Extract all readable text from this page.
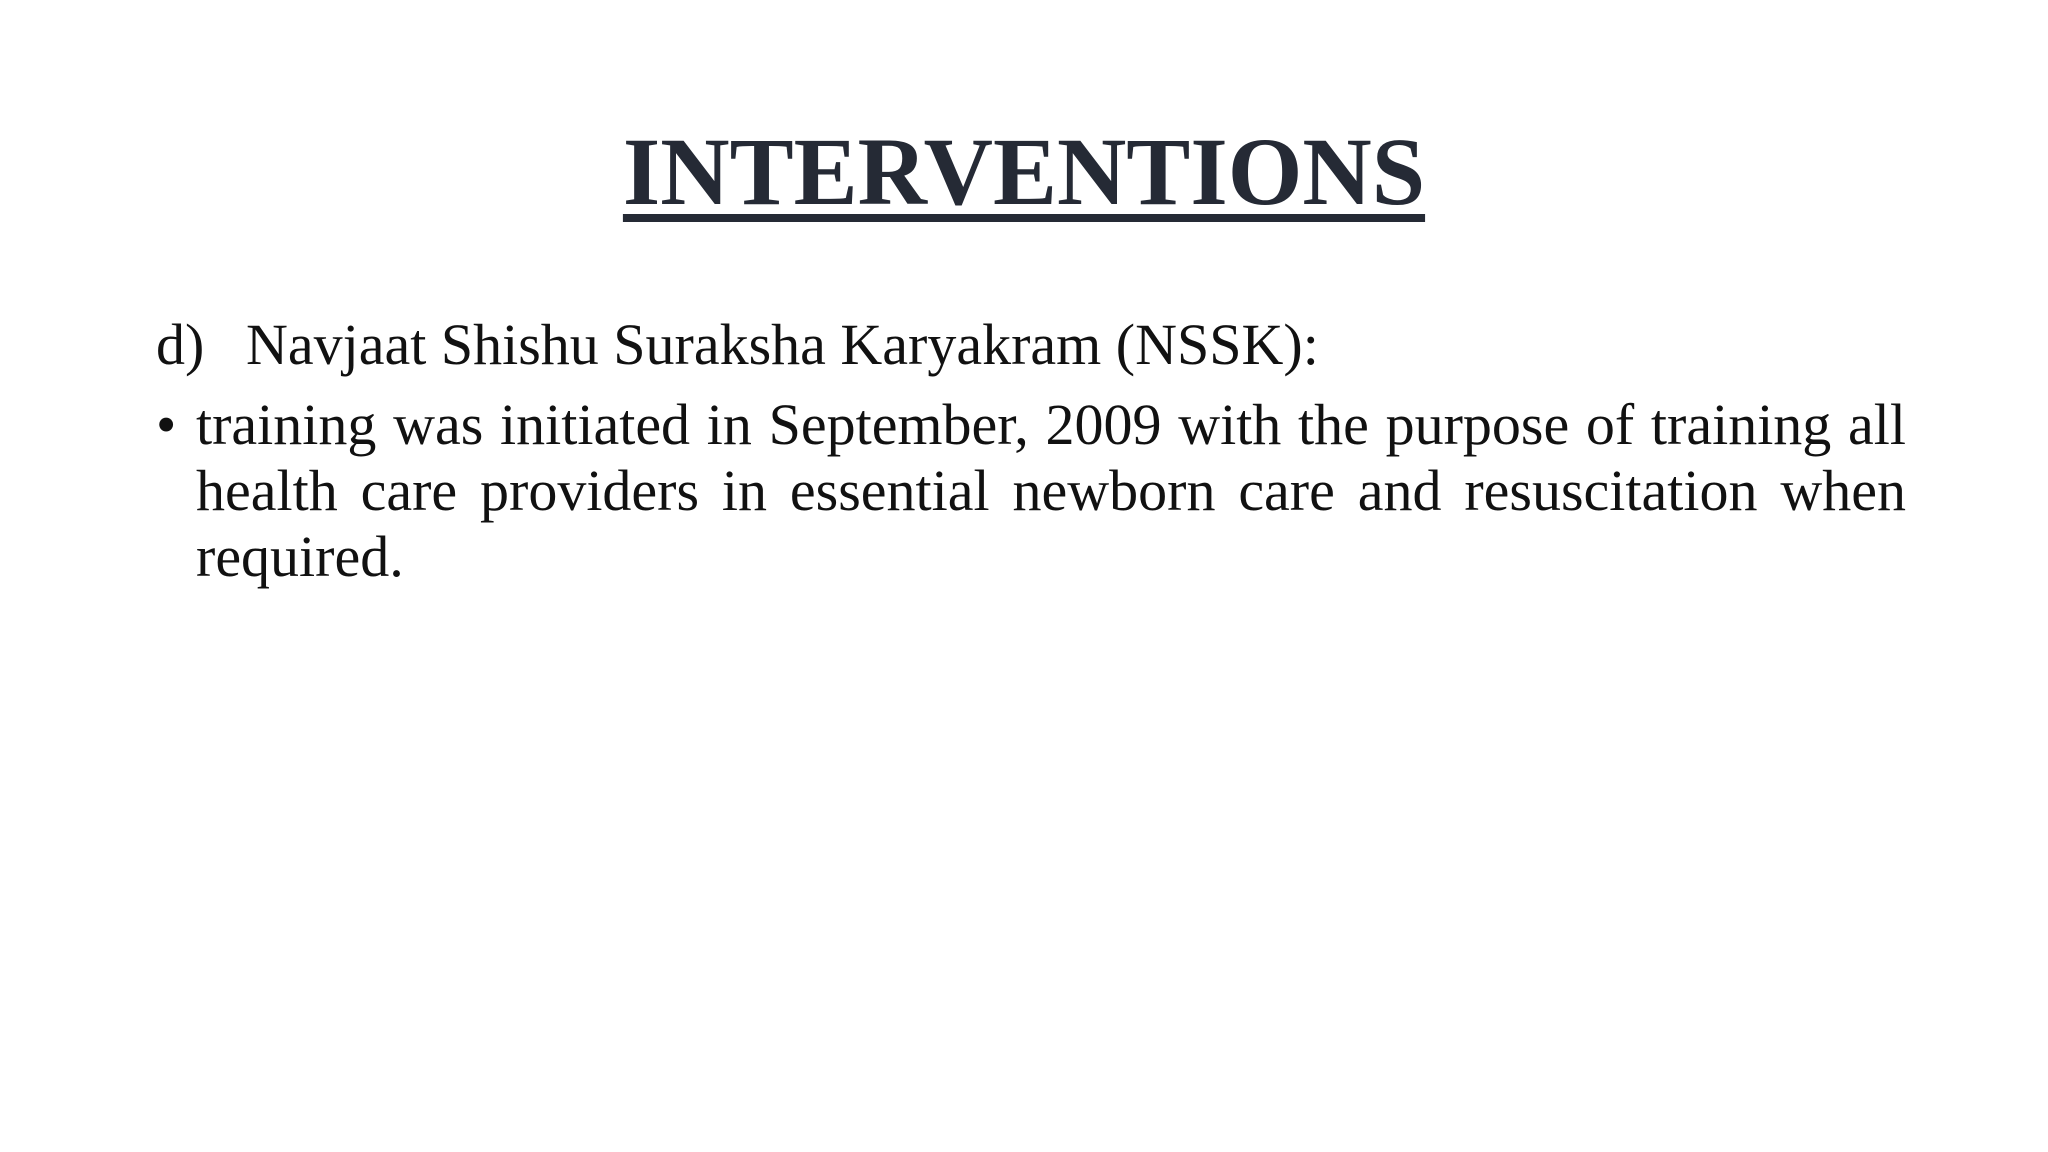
INTERVENTIONS
d) Navjaat Shishu Suraksha Karyakram (NSSK):
• training was initiated in September, 2009 with the purpose of training all health care providers in essential newborn care and resuscitation when required.
